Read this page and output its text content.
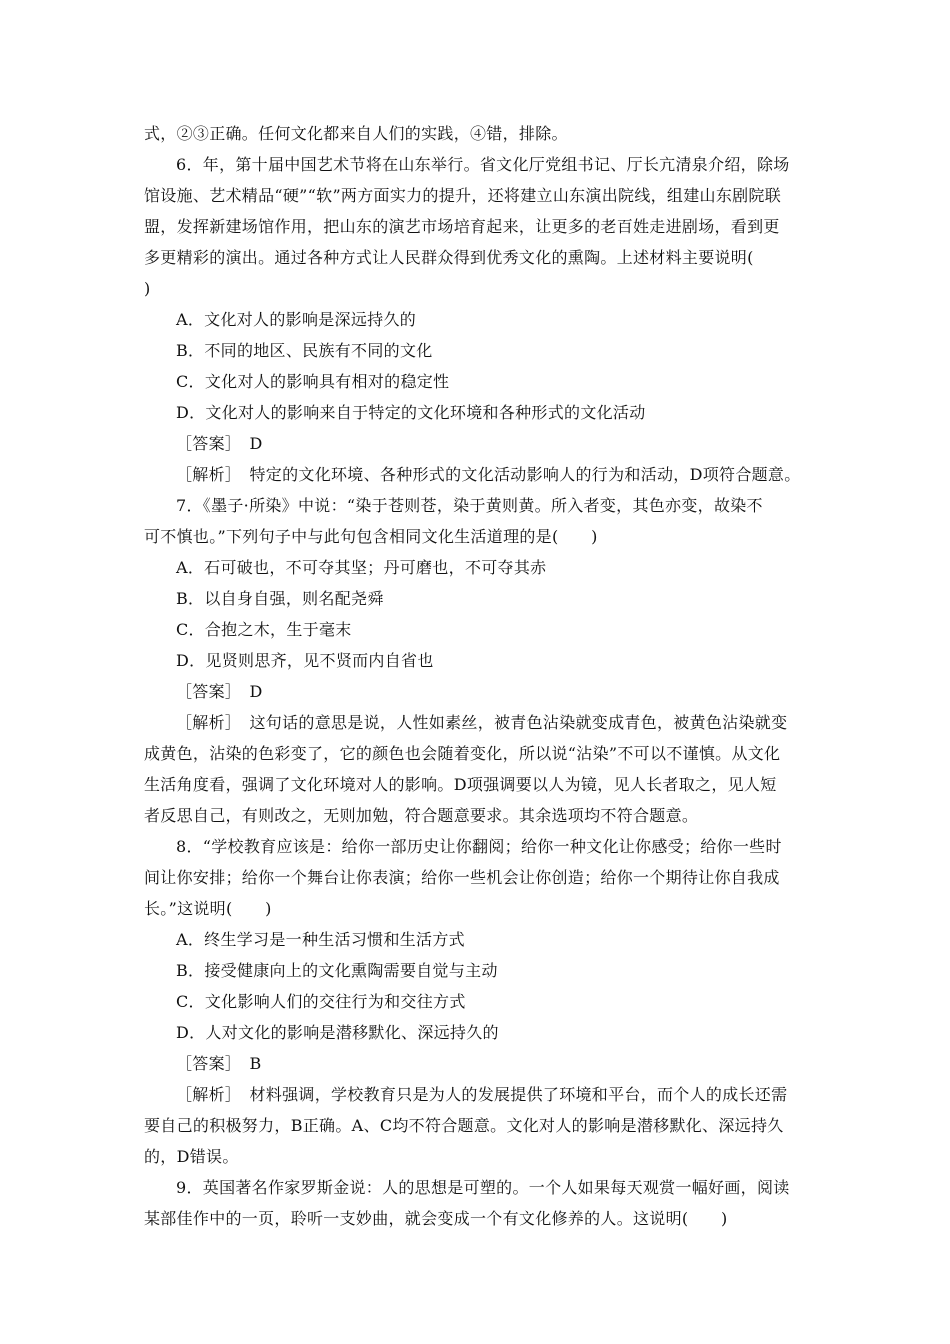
式，②③正确。任何文化都来自人们的实践，④错，排除。
6．年，第十届中国艺术节将在山东举行。省文化厅党组书记、厅长亢清泉介绍，除场
馆设施、艺术精品“硬”“软”两方面实力的提升，还将建立山东演出院线，组建山东剧院联
盟，发挥新建场馆作用，把山东的演艺市场培育起来，让更多的老百姓走进剧场，看到更
多更精彩的演出。通过各种方式让人民群众得到优秀文化的熏陶。上述材料主要说明(
)
A．文化对人的影响是深远持久的
B．不同的地区、民族有不同的文化
C．文化对人的影响具有相对的稳定性
D．文化对人的影响来自于特定的文化环境和各种形式的文化活动
［答案］　D
［解析］　特定的文化环境、各种形式的文化活动影响人的行为和活动，D项符合题意。
7．《墨子·所染》中说：“染于苍则苍，染于黄则黄。所入者变，其色亦变，故染不
可不慎也。”下列句子中与此句包含相同文化生活道理的是(　　)
A．石可破也，不可夺其坚；丹可磨也，不可夺其赤
B．以自身自强，则名配尧舜
C．合抱之木，生于毫末
D．见贤则思齐，见不贤而内自省也
［答案］　D
［解析］　这句话的意思是说，人性如素丝，被青色沾染就变成青色，被黄色沾染就变
成黄色，沾染的色彩变了，它的颜色也会随着变化，所以说“沾染”不可以不谨慎。从文化
生活角度看，强调了文化环境对人的影响。D项强调要以人为镜，见人长者取之，见人短
者反思自己，有则改之，无则加勉，符合题意要求。其余选项均不符合题意。
8．“学校教育应该是：给你一部历史让你翻阅；给你一种文化让你感受；给你一些时
间让你安排；给你一个舞台让你表演；给你一些机会让你创造；给你一个期待让你自我成
长。”这说明(　　)
A．终生学习是一种生活习惯和生活方式
B．接受健康向上的文化熏陶需要自觉与主动
C．文化影响人们的交往行为和交往方式
D．人对文化的影响是潜移默化、深远持久的
［答案］　B
［解析］　材料强调，学校教育只是为人的发展提供了环境和平台，而个人的成长还需
要自己的积极努力，B正确。A、C均不符合题意。文化对人的影响是潜移默化、深远持久
的，D错误。
9．英国著名作家罗斯金说：人的思想是可塑的。一个人如果每天观赏一幅好画，阅读
某部佳作中的一页，聆听一支妙曲，就会变成一个有文化修养的人。这说明(　　)
